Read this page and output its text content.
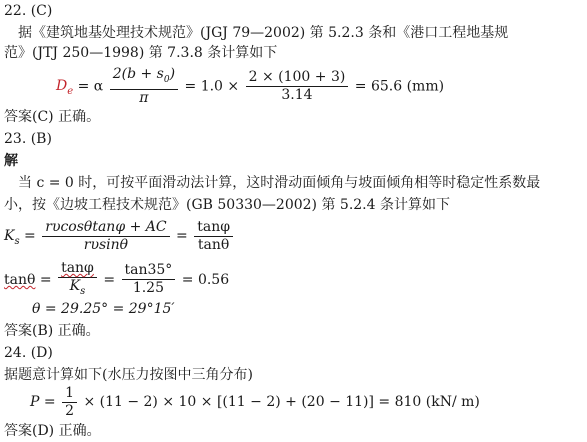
22. (C)
据《建筑地基处理技术规范》(JGJ 79—2002) 第 5.2.3 条和《港口工程地基规
范》(JTJ 250—1998) 第 7.3.8 条计算如下
$D_e = \alpha \frac{2(b + s_0)}{\pi} = 1.0 \times \frac{2 \times (100 + 3)}{3.14} = 65.6$ (mm)
答案(C) 正确。
23. (B)
解
当 c = 0 时，可按平面滑动法计算，这时滑动面倾角与坡面倾角相等时稳定性系数最
小，按《边坡工程技术规范》(GB 50330—2002) 第 5.2.4 条计算如下
$K_s = \frac{r\upsilon\cos\theta\tan\varphi + AC}{r\upsilon\sin\theta} = \frac{\tan\varphi}{\tan\theta}$
$\tan\theta = \frac{\tan\varphi}{K_s} = \frac{\tan 35^\circ}{1.25} = 0.56$
θ = 29.25° = 29°15′
答案(B) 正确。
24. (D)
据题意计算如下(水压力按图中三角分布)
$P = \frac{1}{2} \times (11 - 2) \times 10 \times [(11 - 2) + (20 - 11)] = 810$ (kN/ m)
答案(D) 正确。
